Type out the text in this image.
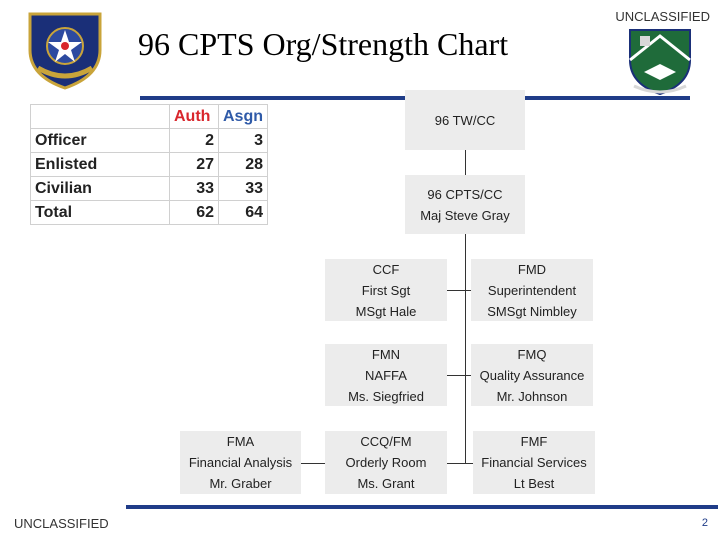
96 CPTS Org/Strength Chart
UNCLASSIFIED
	Auth	Asgn
Officer	2	3
Enlisted	27	28
Civilian	33	33
Total	62	64
96 TW/CC
96 CPTS/CC
Maj Steve Gray
CCF
First Sgt
MSgt Hale
FMD
Superintendent
SMSgt Nimbley
FMN
NAFFA
Ms. Siegfried
FMQ
Quality Assurance
Mr. Johnson
FMA
Financial Analysis
Mr. Graber
CCQ/FM
Orderly Room
Ms. Grant
FMF
Financial Services
Lt Best
UNCLASSIFIED	2
